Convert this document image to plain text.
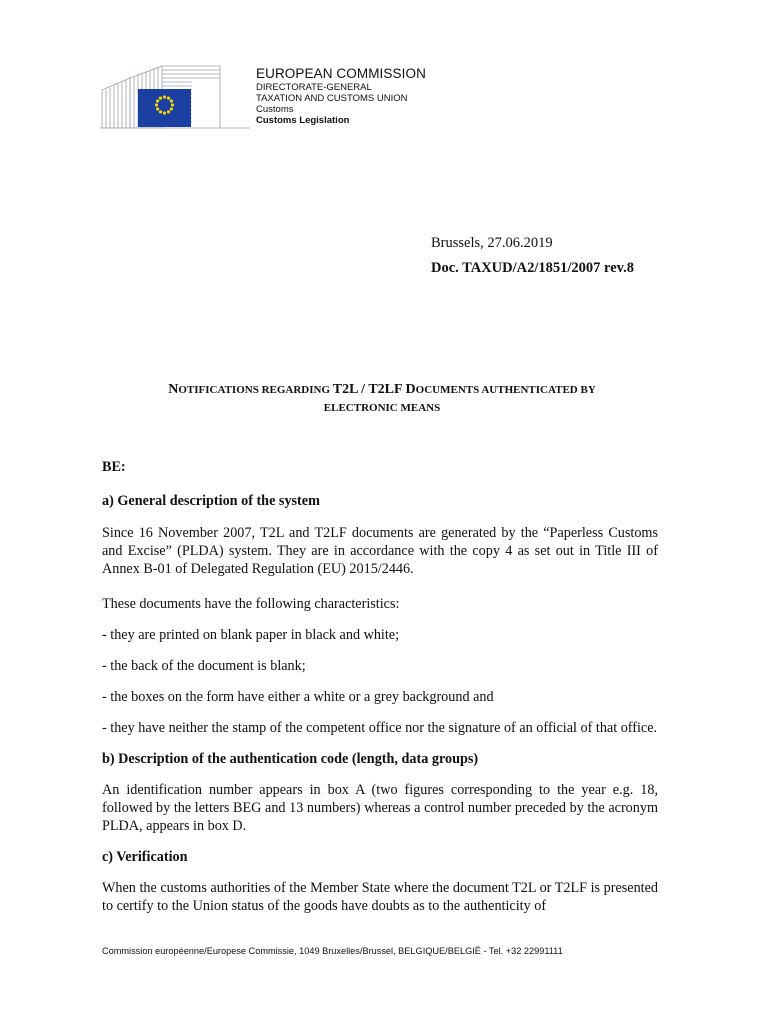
EUROPEAN COMMISSION
DIRECTORATE-GENERAL
TAXATION AND CUSTOMS UNION
Customs
Customs Legislation
Brussels, 27.06.2019
Doc. TAXUD/A2/1851/2007 rev.8
NOTIFICATIONS REGARDING T2L / T2LF DOCUMENTS AUTHENTICATED BY
ELECTRONIC MEANS

BE:

a) General description of the system

Since 16 November 2007, T2L and T2LF documents are generated by the “Paperless Customs and Excise” (PLDA) system. They are in accordance with the copy 4 as set out in Title III of Annex B-01 of Delegated Regulation (EU) 2015/2446.

These documents have the following characteristics:

- they are printed on blank paper in black and white;

- the back of the document is blank;

- the boxes on the form have either a white or a grey background and

- they have neither the stamp of the competent office nor the signature of an official of that office.

b) Description of the authentication code (length, data groups)

An identification number appears in box A (two figures corresponding to the year e.g. 18, followed by the letters BEG and 13 numbers) whereas a control number preceded by the acronym PLDA, appears in box D.

c) Verification

When the customs authorities of the Member State where the document T2L or T2LF is presented to certify to the Union status of the goods have doubts as to the authenticity of

Commission européenne/Europese Commissie, 1049 Bruxelles/Brussel, BELGIQUE/BELGIË - Tel. +32 22991111
